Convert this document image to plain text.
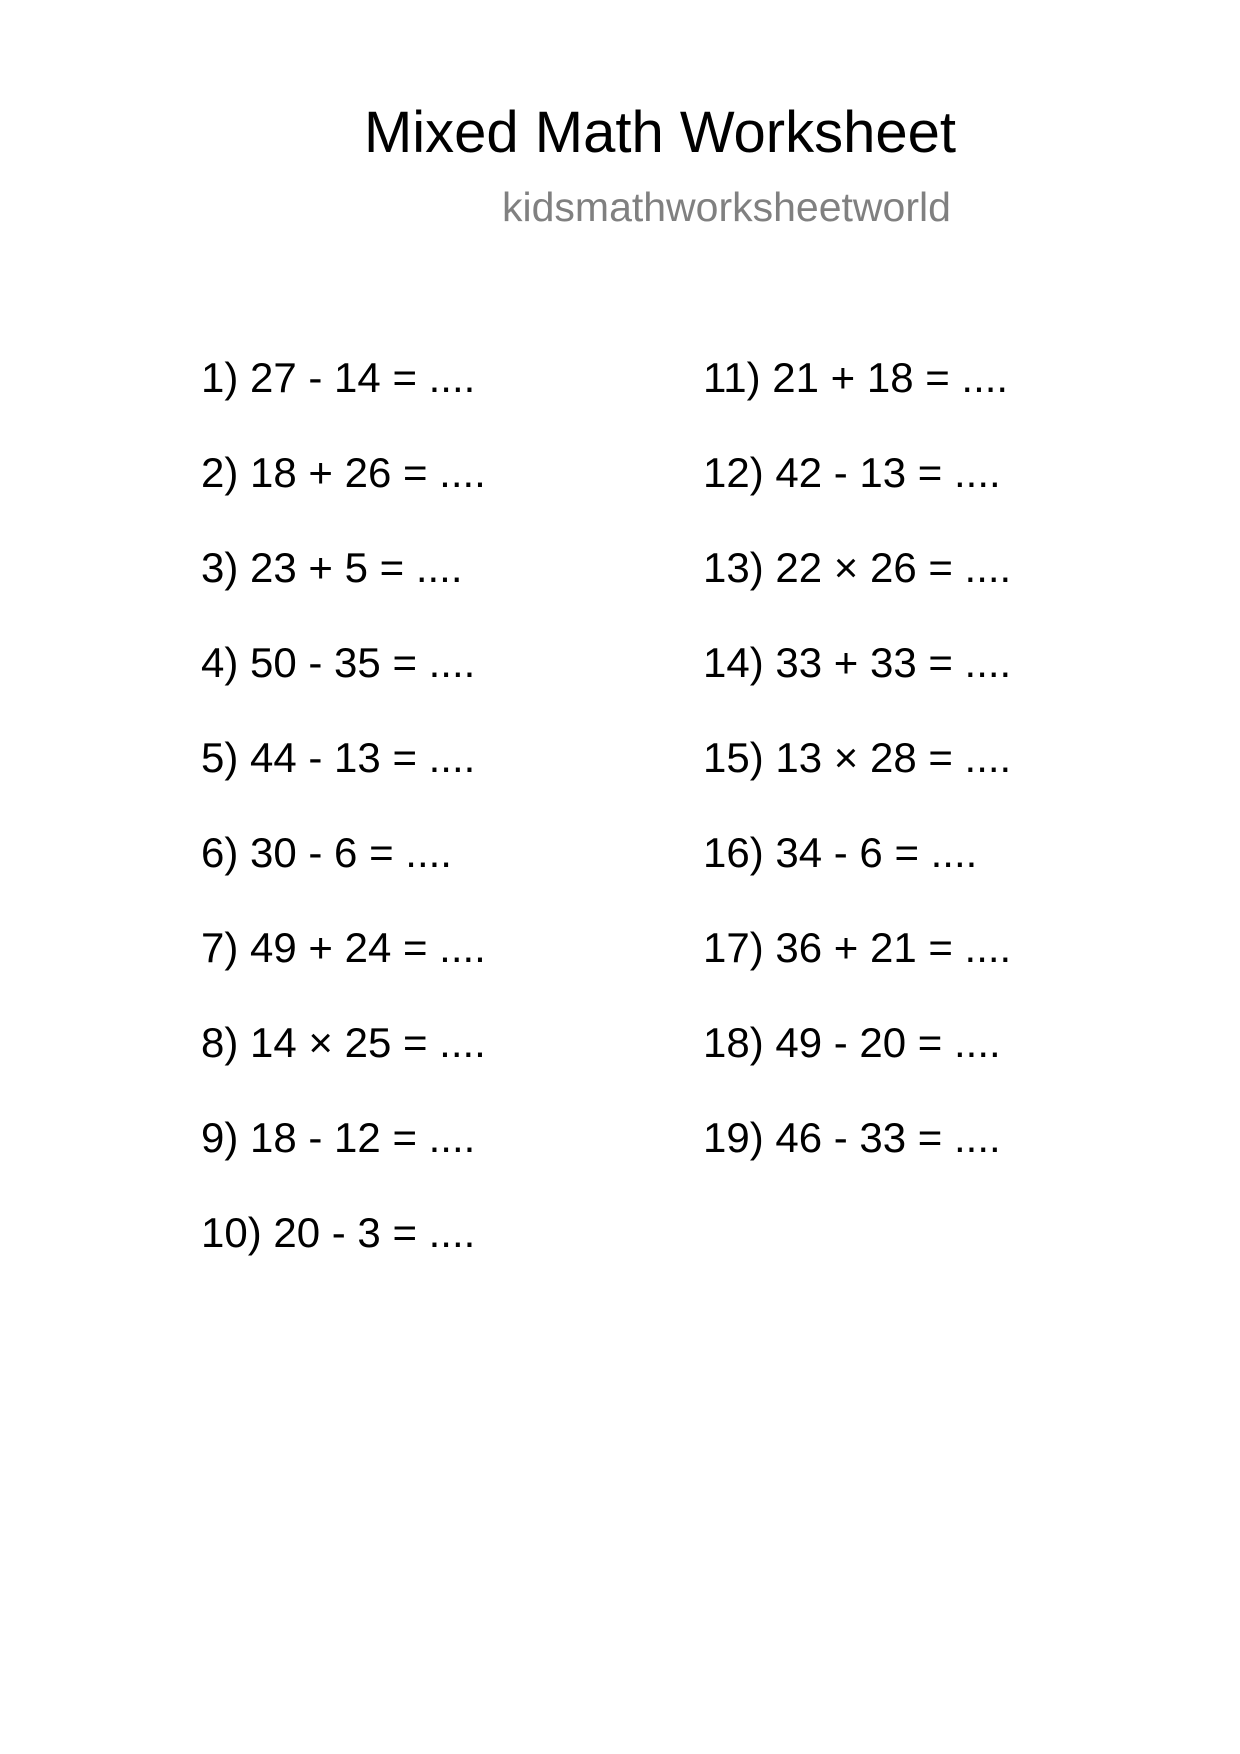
Mixed Math Worksheet
kidsmathworksheetworld
1) 27 - 14 = ....
2) 18 + 26 = ....
3) 23 + 5 = ....
4) 50 - 35 = ....
5) 44 - 13 = ....
6) 30 - 6 = ....
7) 49 + 24 = ....
8) 14 × 25 = ....
9) 18 - 12 = ....
10) 20 - 3 = ....
11) 21 + 18 = ....
12) 42 - 13 = ....
13) 22 × 26 = ....
14) 33 + 33 = ....
15) 13 × 28 = ....
16) 34 - 6 = ....
17) 36 + 21 = ....
18) 49 - 20 = ....
19) 46 - 33 = ....
